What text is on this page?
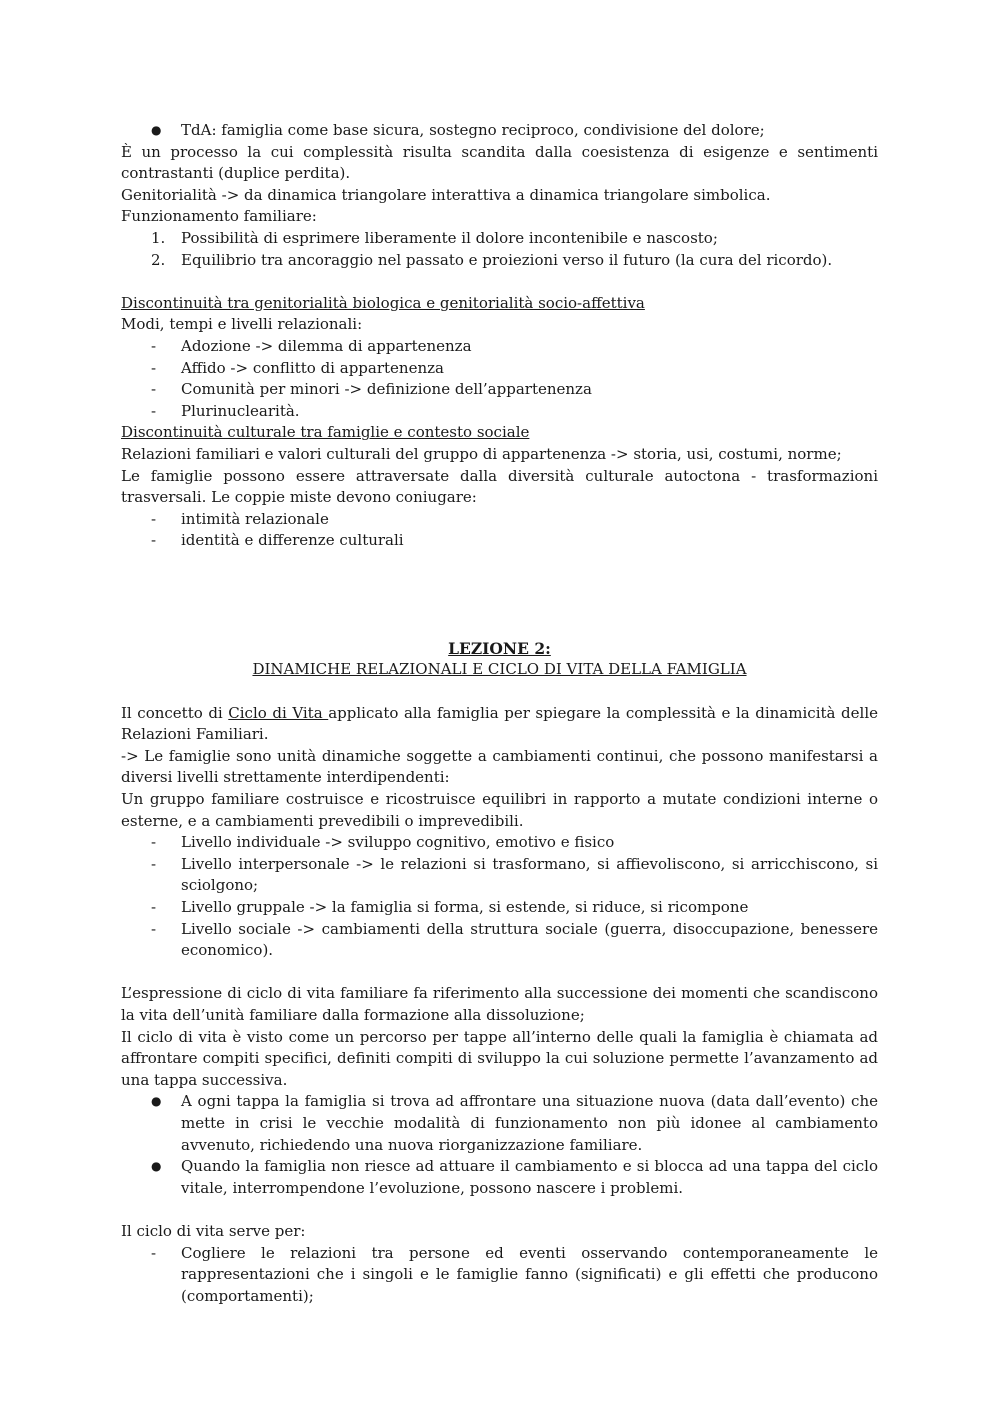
●	TdA: famiglia come base sicura, sostegno reciproco, condivisione del dolore;

È un processo la cui complessità risulta scandita dalla coesistenza di esigenze e sentimenti contrastanti (duplice perdita).

Genitorialità -> da dinamica triangolare interattiva a dinamica triangolare simbolica.

Funzionamento familiare:

1.	Possibilità di esprimere liberamente il dolore incontenibile e nascosto;
2.	Equilibrio tra ancoraggio nel passato e proiezioni verso il futuro (la cura del ricordo).

Discontinuità tra genitorialità biologica e genitorialità socio-affettiva

Modi, tempi e livelli relazionali:

-	Adozione -> dilemma di appartenenza
-	Affido -> conflitto di appartenenza
-	Comunità per minori -> definizione dell’appartenenza
-	Plurinuclearità.

Discontinuità culturale tra famiglie e contesto sociale

Relazioni familiari e valori culturali del gruppo di appartenenza -> storia, usi, costumi, norme;

Le famiglie possono essere attraversate dalla diversità culturale autoctona - trasformazioni trasversali. Le coppie miste devono coniugare:

-	intimità relazionale
-	identità e differenze culturali
LEZIONE 2:
DINAMICHE RELAZIONALI E CICLO DI VITA DELLA FAMIGLIA

Il concetto di Ciclo di Vita applicato alla famiglia per spiegare la complessità e la dinamicità delle Relazioni Familiari.

-> Le famiglie sono unità dinamiche soggette a cambiamenti continui, che possono manifestarsi a diversi livelli strettamente interdipendenti:

Un gruppo familiare costruisce e ricostruisce equilibri in rapporto a mutate condizioni interne o esterne, e a cambiamenti prevedibili o imprevedibili.

-	Livello individuale -> sviluppo cognitivo, emotivo e fisico
-	Livello interpersonale -> le relazioni si trasformano, si affievoliscono, si arricchiscono, si sciolgono;
-	Livello gruppale -> la famiglia si forma, si estende, si riduce, si ricompone
-	Livello sociale -> cambiamenti della struttura sociale (guerra, disoccupazione, benessere economico).

L’espressione di ciclo di vita familiare fa riferimento alla successione dei momenti che scandiscono la vita dell’unità familiare dalla formazione alla dissoluzione;

Il ciclo di vita è visto come un percorso per tappe all’interno delle quali la famiglia è chiamata ad affrontare compiti specifici, definiti compiti di sviluppo la cui soluzione permette l’avanzamento ad una tappa successiva.

●	A ogni tappa la famiglia si trova ad affrontare una situazione nuova (data dall’evento) che mette in crisi le vecchie modalità di funzionamento non più idonee al cambiamento avvenuto, richiedendo una nuova riorganizzazione familiare.
●	Quando la famiglia non riesce ad attuare il cambiamento e si blocca ad una tappa del ciclo vitale, interrompendone l’evoluzione, possono nascere i problemi.

Il ciclo di vita serve per:

-	Cogliere le relazioni tra persone ed eventi osservando contemporaneamente le rappresentazioni che i singoli e le famiglie fanno (significati) e gli effetti che producono (comportamenti);
